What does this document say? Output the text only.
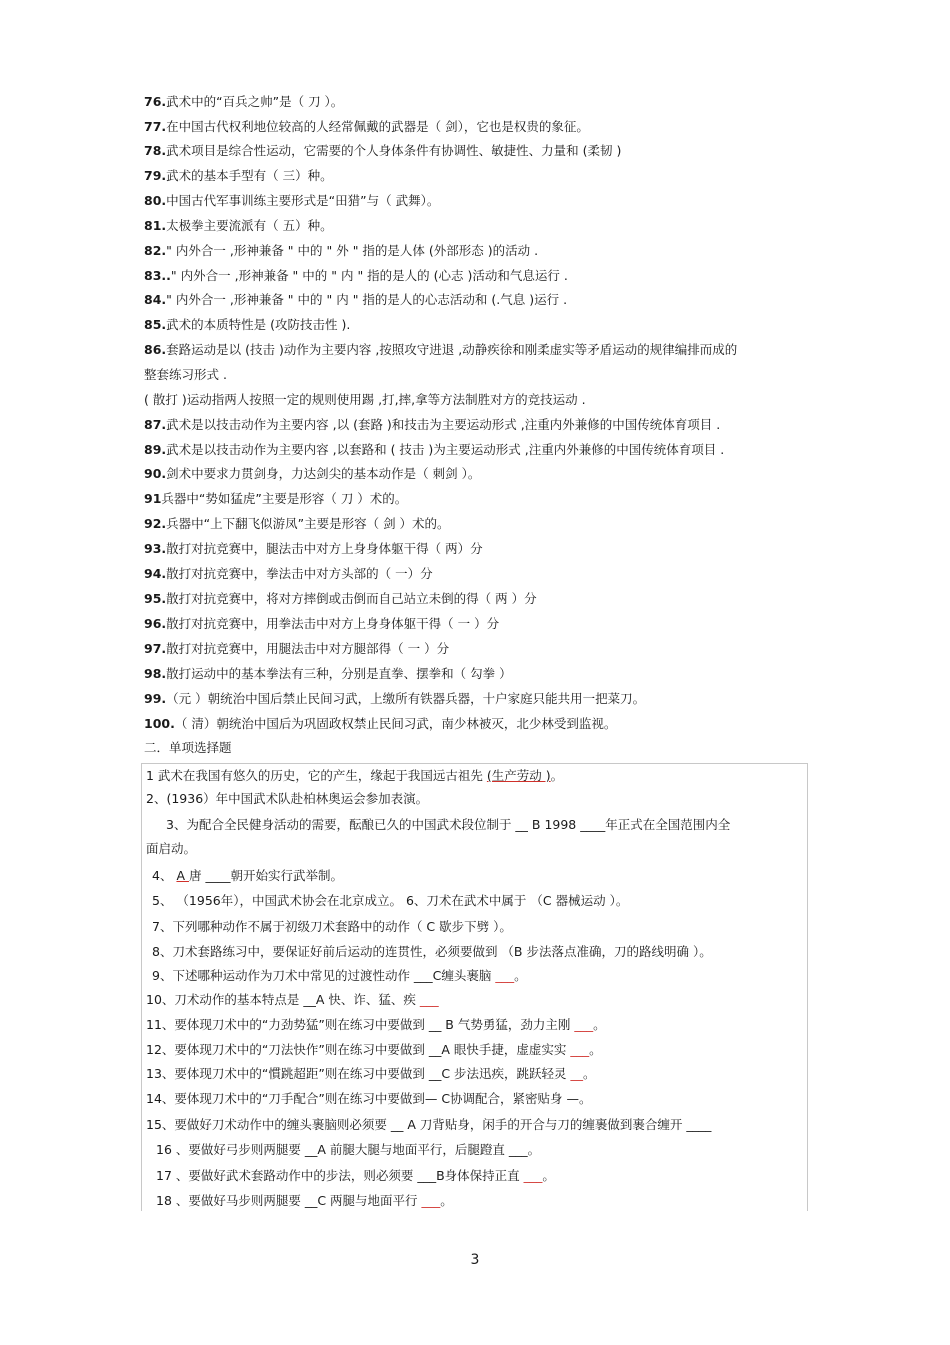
76.武术中的“百兵之帅”是（ 刀 ）。
77.在中国古代权利地位较高的人经常佩戴的武器是（ 剑），它也是权贵的象征。
78.武术项目是综合性运动，它需要的个人身体条件有协调性、敏捷性、力量和 (柔韧 )
79.武术的基本手型有（ 三）种。
80.中国古代军事训练主要形式是“田猎”与（ 武舞）。
81.太极拳主要流派有（ 五）种。
82." 内外合一 ,形神兼备 " 中的 " 外 " 指的是人体 (外部形态 )的活动 .
83.." 内外合一 ,形神兼备 " 中的 " 内 " 指的是人的 (心志 )活动和气息运行 .
84." 内外合一 ,形神兼备 " 中的 " 内 " 指的是人的心志活动和 (.气息 )运行 .
85.武术的本质特性是 (攻防技击性 ).
86.套路运动是以 (技击 )动作为主要内容 ,按照攻守进退 ,动静疾徐和刚柔虚实等矛盾运动的规律编排而成的
整套练习形式 .
( 散打 )运动指两人按照一定的规则使用踢 ,打,摔,拿等方法制胜对方的竞技运动 .
87.武术是以技击动作为主要内容 ,以 (套路 )和技击为主要运动形式 ,注重内外兼修的中国传统体育项目 .
89.武术是以技击动作为主要内容 ,以套路和 ( 技击 )为主要运动形式 ,注重内外兼修的中国传统体育项目 .
90.剑术中要求力贯剑身，力达剑尖的基本动作是（ 刺剑 ）。
91兵器中“势如猛虎”主要是形容（ 刀 ）术的。
92.兵器中“上下翻飞似游凤”主要是形容（ 剑 ）术的。
93.散打对抗竞赛中，腿法击中对方上身身体躯干得（ 两）分
94.散打对抗竞赛中，拳法击中对方头部的（ 一）分
95.散打对抗竞赛中，将对方摔倒或击倒而自己站立未倒的得（ 两 ）分
96.散打对抗竞赛中，用拳法击中对方上身身体躯干得（ 一 ）分
97.散打对抗竞赛中，用腿法击中对方腿部得（ 一 ）分
98.散打运动中的基本拳法有三种，分别是直拳、摆拳和（ 勾拳 ）
99.（元 ）朝统治中国后禁止民间习武，上缴所有铁器兵器，十户家庭只能共用一把菜刀。
100.（ 清）朝统治中国后为巩固政权禁止民间习武，南少林被灭，北少林受到监视。
二．单项选择题
1 武术在我国有悠久的历史，它的产生，缘起于我国远古祖先 (生产劳动 )。
2、(1936）年中国武术队赴柏林奥运会参加表演。
3、为配合全民健身活动的需要，酝酿已久的中国武术段位制于 __ B 1998 ____年正式在全国范围内全
面启动。
4、 A 唐 ____朝开始实行武举制。
5、 （1956年），中国武术协会在北京成立。 6、刀术在武术中属于 （C 器械运动 ）。
7、下列哪种动作不属于初级刀术套路中的动作（ C 歇步下劈 ）。
8、刀术套路练习中，要保证好前后运动的连贯性，必须要做到 （B 步法落点准确，刀的路线明确 ）。
9、下述哪种运动作为刀术中常见的过渡性动作 ___C缠头裹脑 ___。
10、刀术动作的基本特点是 __A 快、诈、猛、疾 ___
11、要体现刀术中的“力劲势猛”则在练习中要做到 __ B 气势勇猛，劲力主刚 ___。
12、要体现刀术中的“刀法快作”则在练习中要做到 __A 眼快手捷，虚虚实实 ___。
13、要体现刀术中的“慣跳超距”则在练习中要做到 __C 步法迅疾，跳跃轻灵 __。
14、要体现刀术中的“刀手配合”则在练习中要做到— C协调配合，紧密贴身 —。
15、要做好刀术动作中的缠头裹脑则必须要 __ A 刀背贴身，闲手的开合与刀的缠裹做到裹合缠开 ____
16 、要做好弓步则两腿要 __A 前腿大腿与地面平行，后腿蹬直 ___。
17 、要做好武术套路动作中的步法，则必须要 ___B身体保持正直 ___。
18 、要做好马步则两腿要 __C 两腿与地面平行 ___。
3
